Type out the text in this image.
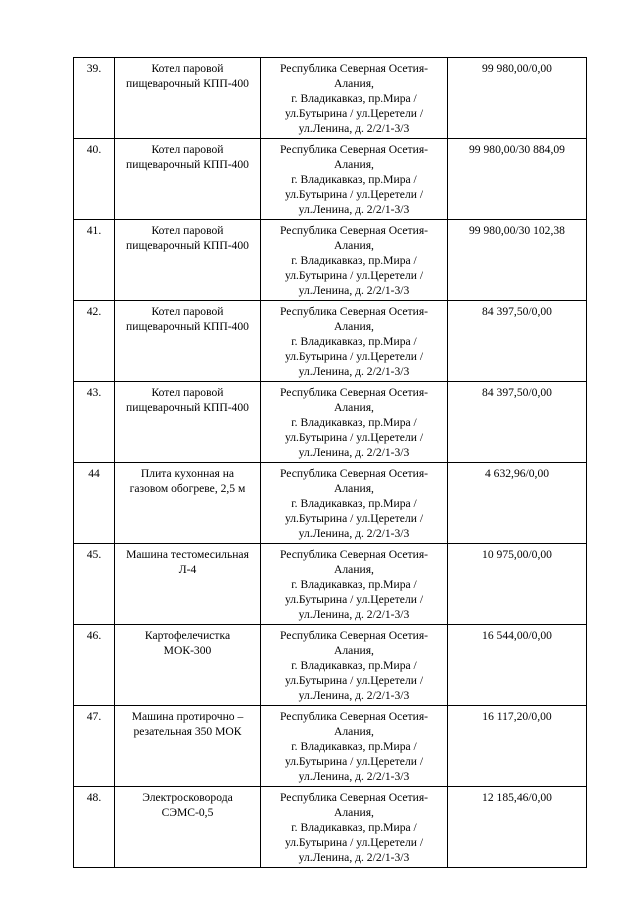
39.	Котел паровой
пищеварочный КПП-400	Республика Северная Осетия-
Алания,
г. Владикавказ, пр.Мира /
ул.Бутырина / ул.Церетели /
ул.Ленина, д. 2/2/1-3/3	99 980,00/0,00
40.	Котел паровой
пищеварочный КПП-400	Республика Северная Осетия-
Алания,
г. Владикавказ, пр.Мира /
ул.Бутырина / ул.Церетели /
ул.Ленина, д. 2/2/1-3/3	99 980,00/30 884,09
41.	Котел паровой
пищеварочный КПП-400	Республика Северная Осетия-
Алания,
г. Владикавказ, пр.Мира /
ул.Бутырина / ул.Церетели /
ул.Ленина, д. 2/2/1-3/3	99 980,00/30 102,38
42.	Котел паровой
пищеварочный КПП-400	Республика Северная Осетия-
Алания,
г. Владикавказ, пр.Мира /
ул.Бутырина / ул.Церетели /
ул.Ленина, д. 2/2/1-3/3	84 397,50/0,00
43.	Котел паровой
пищеварочный КПП-400	Республика Северная Осетия-
Алания,
г. Владикавказ, пр.Мира /
ул.Бутырина / ул.Церетели /
ул.Ленина, д. 2/2/1-3/3	84 397,50/0,00
44	Плита кухонная на
газовом обогреве, 2,5 м	Республика Северная Осетия-
Алания,
г. Владикавказ, пр.Мира /
ул.Бутырина / ул.Церетели /
ул.Ленина, д. 2/2/1-3/3	4 632,96/0,00
45.	Машина тестомесильная
Л-4	Республика Северная Осетия-
Алания,
г. Владикавказ, пр.Мира /
ул.Бутырина / ул.Церетели /
ул.Ленина, д. 2/2/1-3/3	10 975,00/0,00
46.	Картофелечистка
МОК-300	Республика Северная Осетия-
Алания,
г. Владикавказ, пр.Мира /
ул.Бутырина / ул.Церетели /
ул.Ленина, д. 2/2/1-3/3	16 544,00/0,00
47.	Машина протирочно –
резательная 350 МОК	Республика Северная Осетия-
Алания,
г. Владикавказ, пр.Мира /
ул.Бутырина / ул.Церетели /
ул.Ленина, д. 2/2/1-3/3	16 117,20/0,00
48.	Электросковорода
СЭМС-0,5	Республика Северная Осетия-
Алания,
г. Владикавказ, пр.Мира /
ул.Бутырина / ул.Церетели /
ул.Ленина, д. 2/2/1-3/3	12 185,46/0,00
